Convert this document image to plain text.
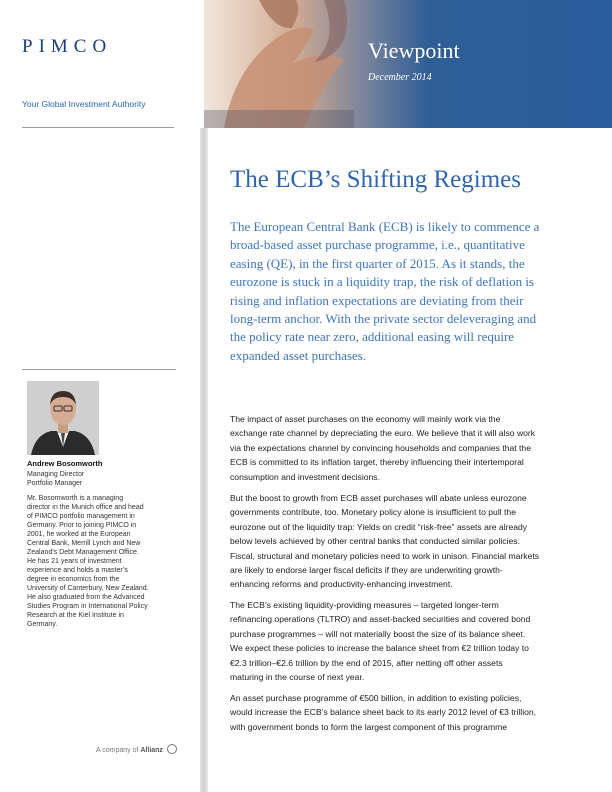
PIMCO
Your Global Investment Authority
Andrew Bosomworth
Managing Director
Portfolio Manager
Mr. Bosomworth is a managing
director in the Munich office and head
of PIMCO portfolio management in
Germany. Prior to joining PIMCO in
2001, he worked at the European
Central Bank, Merrill Lynch and New
Zealand’s Debt Management Office.
He has 21 years of investment
experience and holds a master’s
degree in economics from the
University of Canterbury, New Zealand.
He also graduated from the Advanced
Studies Program in International Policy
Research at the Kiel Institute in
Germany.
A company of Allianz
Viewpoint
December 2014
The ECB’s Shifting Regimes
The European Central Bank (ECB) is likely to commence a
broad-based asset purchase programme, i.e., quantitative
easing (QE), in the first quarter of 2015. As it stands, the
eurozone is stuck in a liquidity trap, the risk of deflation is
rising and inflation expectations are deviating from their
long-term anchor. With the private sector deleveraging and
the policy rate near zero, additional easing will require
expanded asset purchases.
The impact of asset purchases on the economy will mainly work via the
exchange rate channel by depreciating the euro. We believe that it will also work
via the expectations channel by convincing households and companies that the
ECB is committed to its inflation target, thereby influencing their intertemporal
consumption and investment decisions.
But the boost to growth from ECB asset purchases will abate unless eurozone
governments contribute, too. Monetary policy alone is insufficient to pull the
eurozone out of the liquidity trap: Yields on credit “risk-free” assets are already
below levels achieved by other central banks that conducted similar policies.
Fiscal, structural and monetary policies need to work in unison. Financial markets
are likely to endorse larger fiscal deficits if they are underwriting growth-
enhancing reforms and productivity-enhancing investment.
The ECB’s existing liquidity-providing measures – targeted longer-term
refinancing operations (TLTRO) and asset-backed securities and covered bond
purchase programmes – will not materially boost the size of its balance sheet.
We expect these policies to increase the balance sheet from €2 trillion today to
€2.3 trillion–€2.6 trillion by the end of 2015, after netting off other assets
maturing in the course of next year.
An asset purchase programme of €500 billion, in addition to existing policies,
would increase the ECB’s balance sheet back to its early 2012 level of €3 trillion,
with government bonds to form the largest component of this programme
